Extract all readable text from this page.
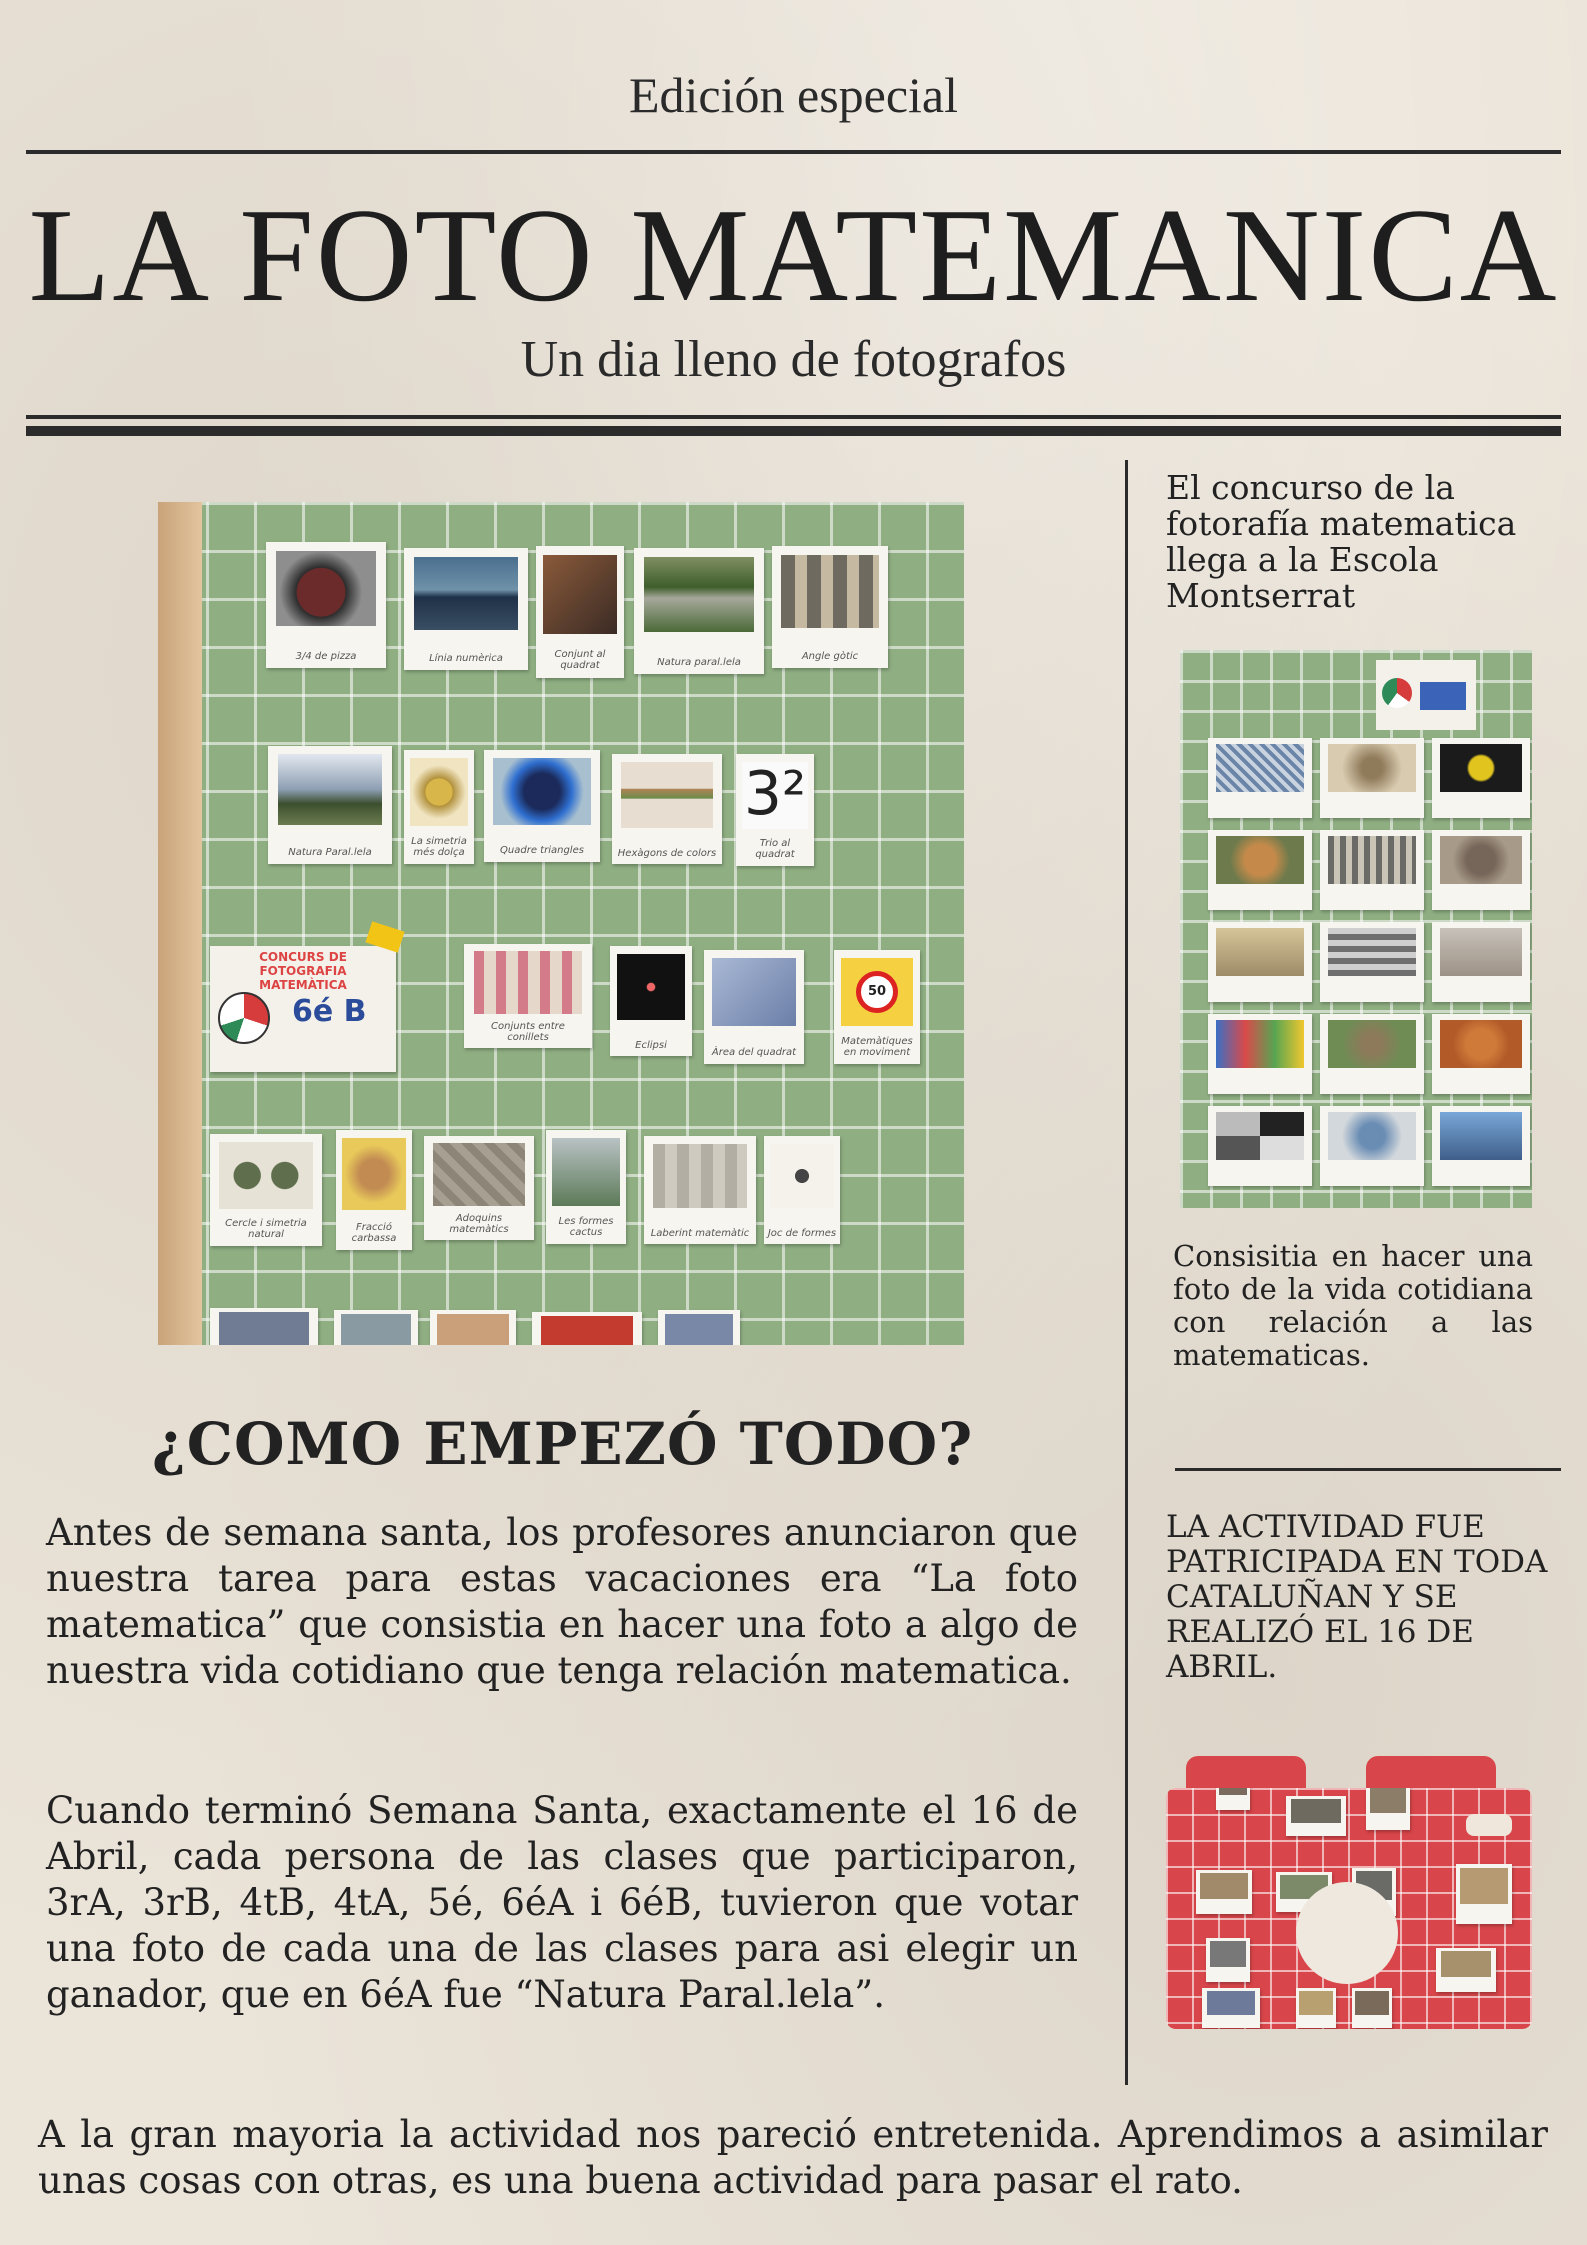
Edición especial
LA FOTO MATEMANICA
Un dia lleno de fotografos
3/4 de pizza	Línia numèrica	Conjunt al quadrat	Natura paral.lela
Angle gòtic
Natura Paral.lela
La simetria més dolça	Quadre triangles	Hexàgons de colors
3²
Trio al quadrat
CONCURS DE FOTOGRAFIA MATEMÀTICA
6é B	Conjunts entre conillets
Eclipsi
Àrea del quadrat
50
Matemàtiques en moviment
Cercle i simetria natural
Fracció carbassa
Adoquins matemàtics
Les formes cactus	Laberint matemàtic Joc de formes
El concurso de la fotorafía matematica llega a la Escola Montserrat
Consisitia en hacer una foto de la vida cotidiana con relación a las matematicas.
LA ACTIVIDAD FUE PATRICIPADA EN TODA CATALUÑAN Y SE REALIZÓ EL 16 DE ABRIL.
¿COMO EMPEZÓ TODO?
Antes de semana santa, los profesores anunciaron que nuestra tarea para estas vacaciones era “La foto matematica” que consistia en hacer una foto a algo de nuestra vida cotidiano que tenga relación matematica.
Cuando terminó Semana Santa, exactamente el 16 de Abril, cada persona de las clases que participaron, 3rA, 3rB, 4tB, 4tA, 5é, 6éA i 6éB, tuvieron que votar una foto de cada una de las clases para asi elegir un ganador, que en 6éA fue “Natura Paral.lela”.
A la gran mayoria la actividad nos pareció entretenida. Aprendimos a asimilar unas cosas con otras, es una buena actividad para pasar el rato.
